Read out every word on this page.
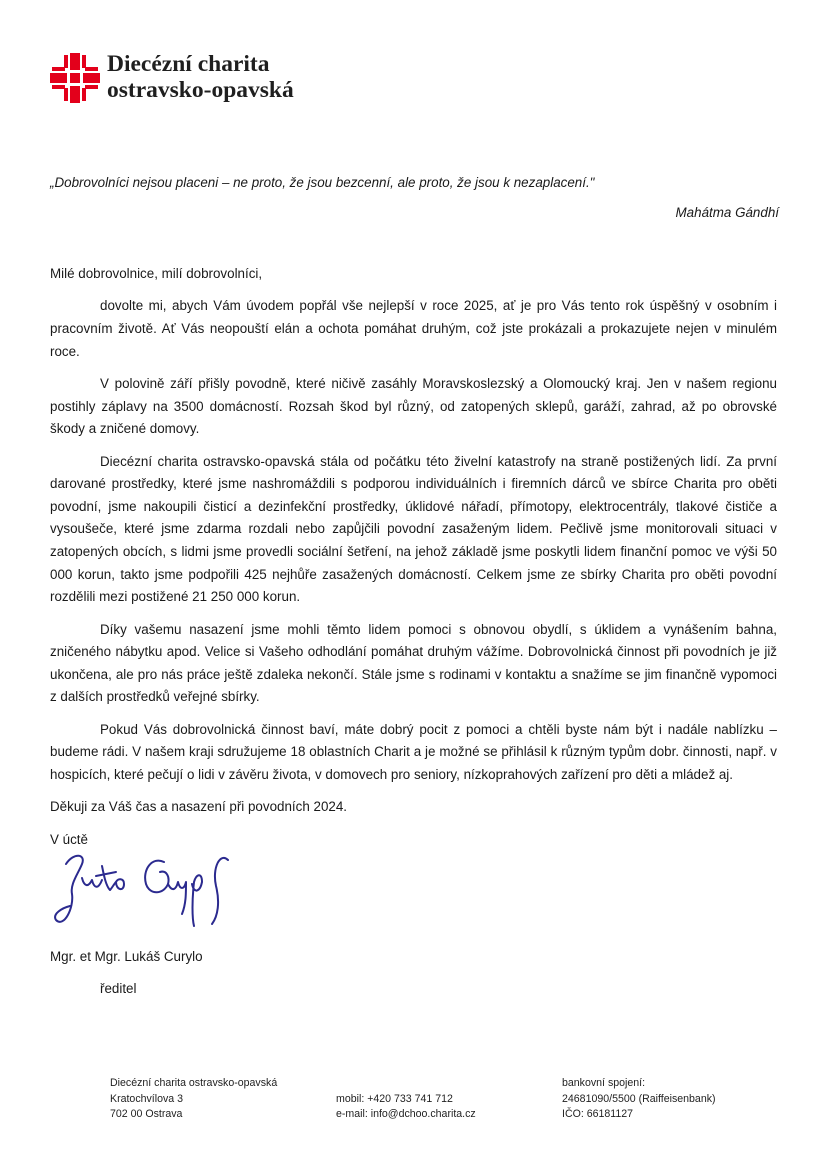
Diecézní charita
ostravsko-opavská
„Dobrovolníci nejsou placeni – ne proto, že jsou bezcenní, ale proto, že jsou k nezaplacení."
Mahátma Gándhí

Milé dobrovolnice, milí dobrovolníci,

dovolte mi, abych Vám úvodem popřál vše nejlepší v roce 2025, ať je pro Vás tento rok úspěšný v osobním i pracovním životě. Ať Vás neopouští elán a ochota pomáhat druhým, což jste prokázali a prokazujete nejen v minulém roce.

V polovině září přišly povodně, které ničivě zasáhly Moravskoslezský a Olomoucký kraj. Jen v našem regionu postihly záplavy na 3500 domácností. Rozsah škod byl různý, od zatopených sklepů, garáží, zahrad, až po obrovské škody a zničené domovy.

Diecézní charita ostravsko-opavská stála od počátku této živelní katastrofy na straně postižených lidí. Za první darované prostředky, které jsme nashromáždili s podporou individuálních i firemních dárců ve sbírce Charita pro oběti povodní, jsme nakoupili čisticí a dezinfekční prostředky, úklidové nářadí, přímotopy, elektrocentrály, tlakové čističe a vysoušeče, které jsme zdarma rozdali nebo zapůjčili povodní zasaženým lidem. Pečlivě jsme monitorovali situaci v zatopených obcích, s lidmi jsme provedli sociální šetření, na jehož základě jsme poskytli lidem finanční pomoc ve výši 50 000 korun, takto jsme podpořili 425 nejhůře zasažených domácností. Celkem jsme ze sbírky Charita pro oběti povodní rozdělili mezi postižené 21 250 000 korun.

Díky vašemu nasazení jsme mohli těmto lidem pomoci s obnovou obydlí, s úklidem a vynášením bahna, zničeného nábytku apod. Velice si Vašeho odhodlání pomáhat druhým vážíme. Dobrovolnická činnost při povodních je již ukončena, ale pro nás práce ještě zdaleka nekončí. Stále jsme s rodinami v kontaktu a snažíme se jim finančně vypomoci z dalších prostředků veřejné sbírky.

Pokud Vás dobrovolnická činnost baví, máte dobrý pocit z pomoci a chtěli byste nám být i nadále nablízku – budeme rádi. V našem kraji sdružujeme 18 oblastních Charit a je možné se přihlásil k různým typům dobr. činnosti, např. v hospicích, které pečují o lidi v závěru života, v domovech pro seniory, nízkoprahových zařízení pro děti a mládež aj.

Děkuji za Váš čas a nasazení při povodních 2024.

V úctě

Mgr. et Mgr. Lukáš Curylo
ředitel
Diecézní charita ostravsko-opavská
Kratochvílova 3
702 00 Ostrava
mobil: +420 733 741 712
e-mail: info@dchoo.charita.cz
bankovní spojení:
24681090/5500 (Raiffeisenbank)
IČO: 66181127
